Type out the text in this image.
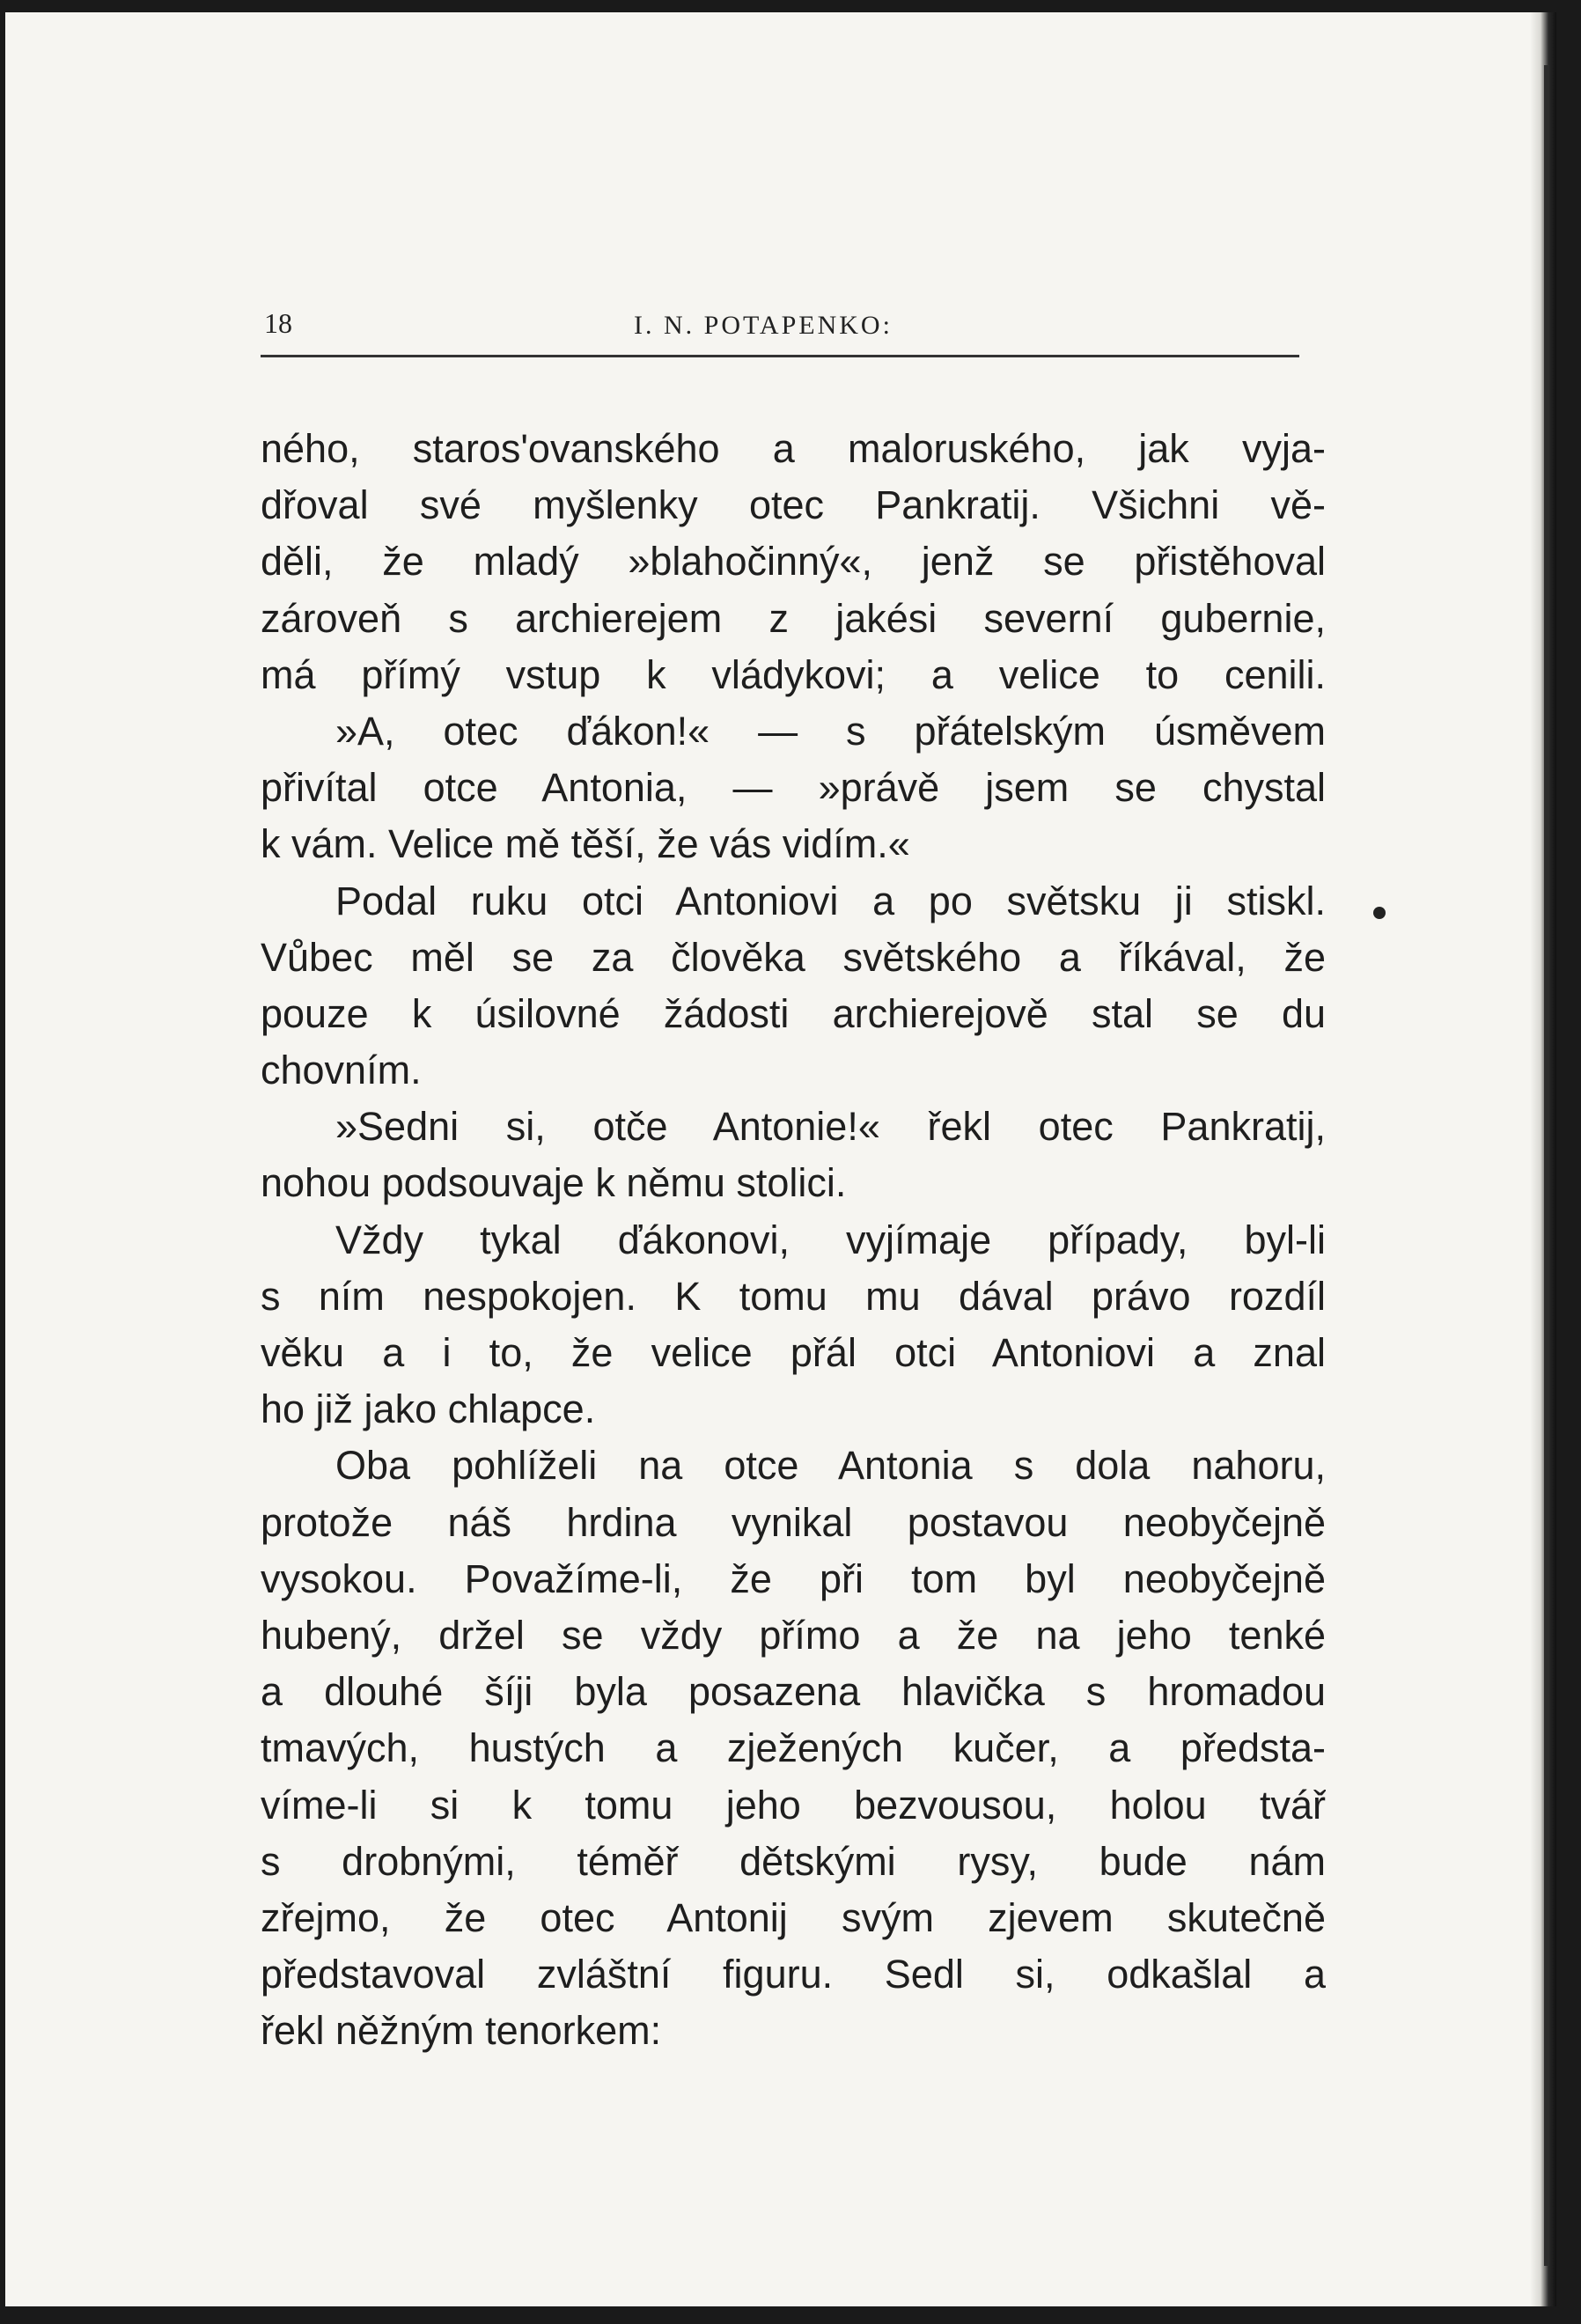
18	I. N. POTAPENKO:
ného, staros'ovanského a maloruského, jak vyja-
dřoval své myšlenky otec Pankratij. Všichni vě-
děli, že mladý »blahočinný«, jenž se přistěhoval
zároveň s archierejem z jakési severní gubernie,
má přímý vstup k vládykovi; a velice to cenili.
»A, otec ďákon!« — s přátelským úsměvem
přivítal otce Antonia, — »právě jsem se chystal
k vám. Velice mě těší, že vás vidím.«
Podal ruku otci Antoniovi a po světsku ji stiskl.
Vůbec měl se za člověka světského a říkával, že
pouze k úsilovné žádosti archierejově stal se du
chovním.
»Sedni si, otče Antonie!« řekl otec Pankratij,
nohou podsouvaje k němu stolici.
Vždy tykal ďákonovi, vyjímaje případy, byl-li
s ním nespokojen. K tomu mu dával právo rozdíl
věku a i to, že velice přál otci Antoniovi a znal
ho již jako chlapce.
Oba pohlíželi na otce Antonia s dola nahoru,
protože náš hrdina vynikal postavou neobyčejně
vysokou. Považíme-li, že při tom byl neobyčejně
hubený, držel se vždy přímo a že na jeho tenké
a dlouhé šíji byla posazena hlavička s hromadou
tmavých, hustých a zježených kučer, a předsta-
víme-li si k tomu jeho bezvousou, holou tvář
s drobnými, téměř dětskými rysy, bude nám
zřejmo, že otec Antonij svým zjevem skutečně
představoval zvláštní figuru. Sedl si, odkašlal a
řekl něžným tenorkem:
